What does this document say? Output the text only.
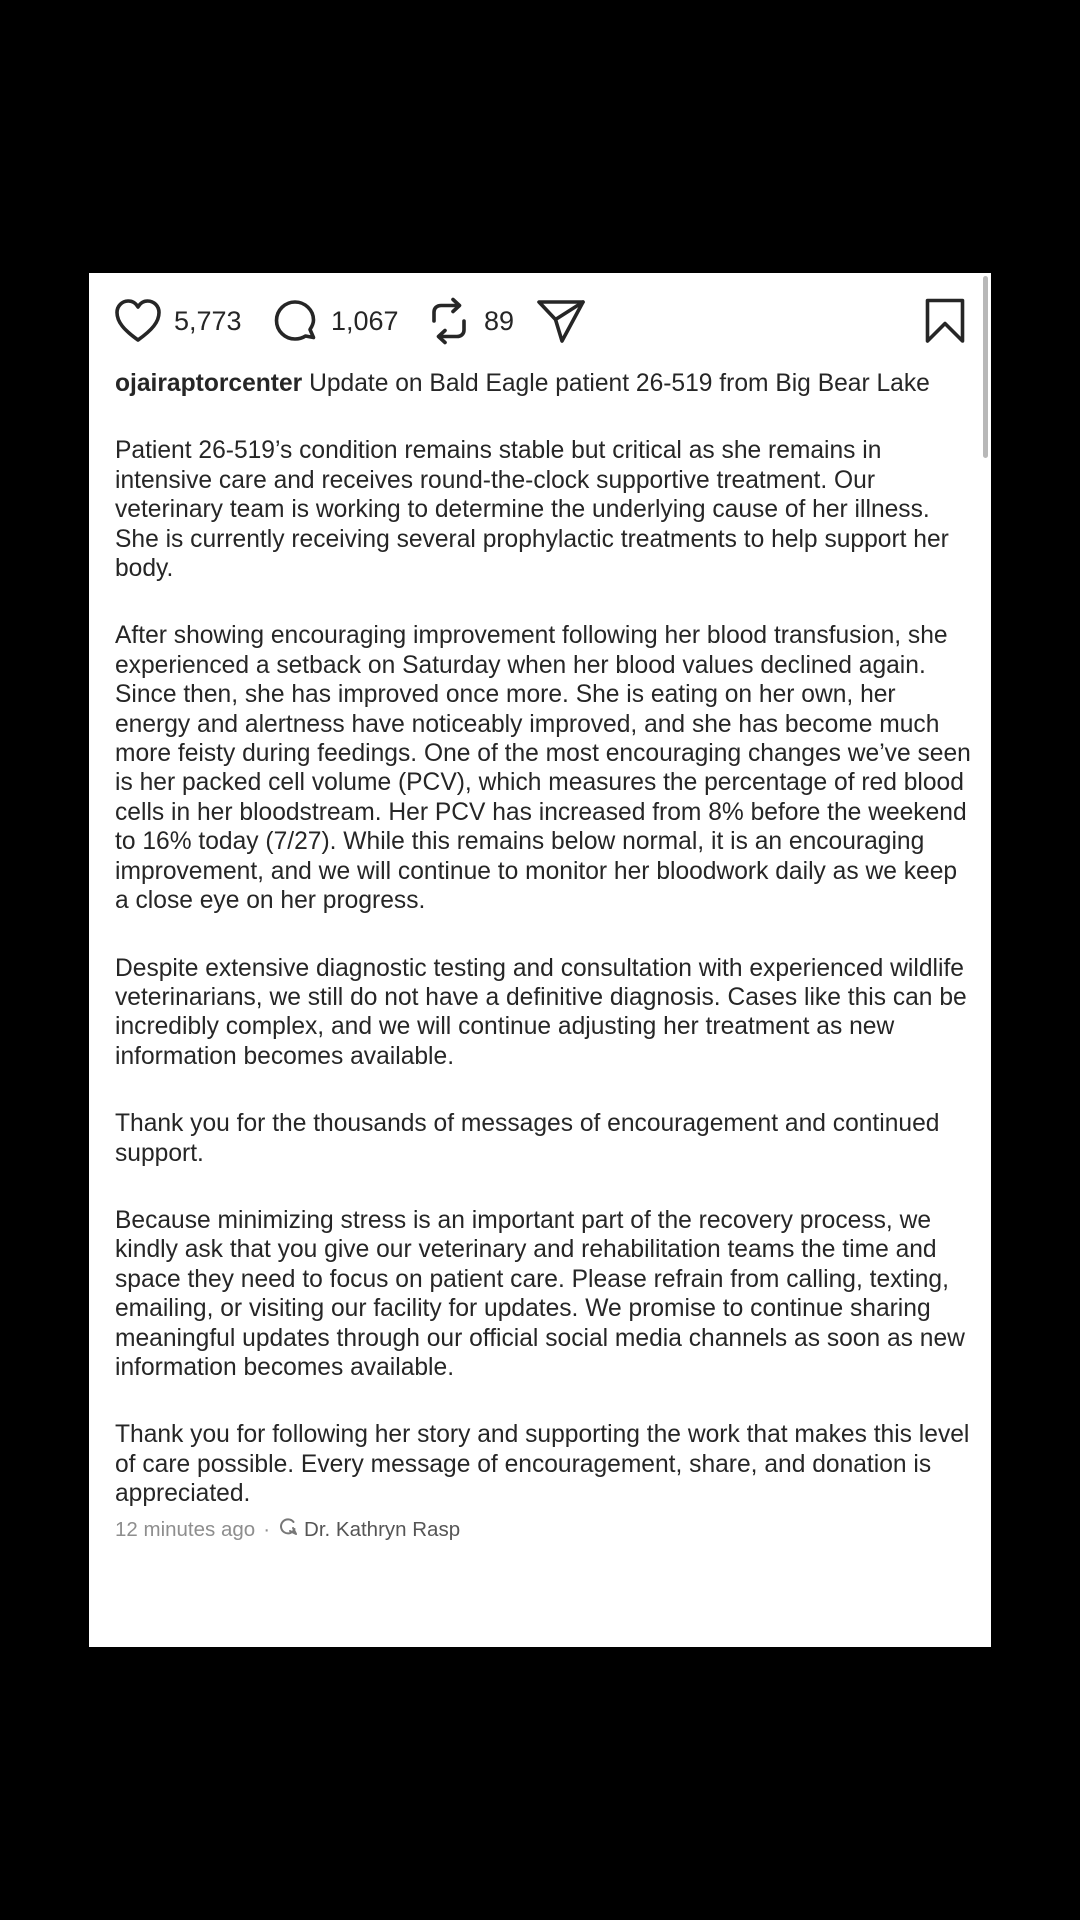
5,773	1,067	89

ojairaptorcenter Update on Bald Eagle patient 26-519 from Big Bear Lake

Patient 26-519’s condition remains stable but critical as she remains in intensive care and receives round-the-clock supportive treatment. Our veterinary team is working to determine the underlying cause of her illness. She is currently receiving several prophylactic treatments to help support her body.

After showing encouraging improvement following her blood transfusion, she experienced a setback on Saturday when her blood values declined again. Since then, she has improved once more. She is eating on her own, her energy and alertness have noticeably improved, and she has become much more feisty during feedings. One of the most encouraging changes we’ve seen is her packed cell volume (PCV), which measures the percentage of red blood cells in her bloodstream. Her PCV has increased from 8% before the weekend to 16% today (7/27). While this remains below normal, it is an encouraging improvement, and we will continue to monitor her bloodwork daily as we keep a close eye on her progress.

Despite extensive diagnostic testing and consultation with experienced wildlife veterinarians, we still do not have a definitive diagnosis. Cases like this can be incredibly complex, and we will continue adjusting her treatment as new information becomes available.

Thank you for the thousands of messages of encouragement and continued support.

Because minimizing stress is an important part of the recovery process, we kindly ask that you give our veterinary and rehabilitation teams the time and space they need to focus on patient care. Please refrain from calling, texting, emailing, or visiting our facility for updates. We promise to continue sharing meaningful updates through our official social media channels as soon as new information becomes available.

Thank you for following her story and supporting the work that makes this level of care possible. Every message of encouragement, share, and donation is appreciated.

12 minutes ago · Dr. Kathryn Rasp
